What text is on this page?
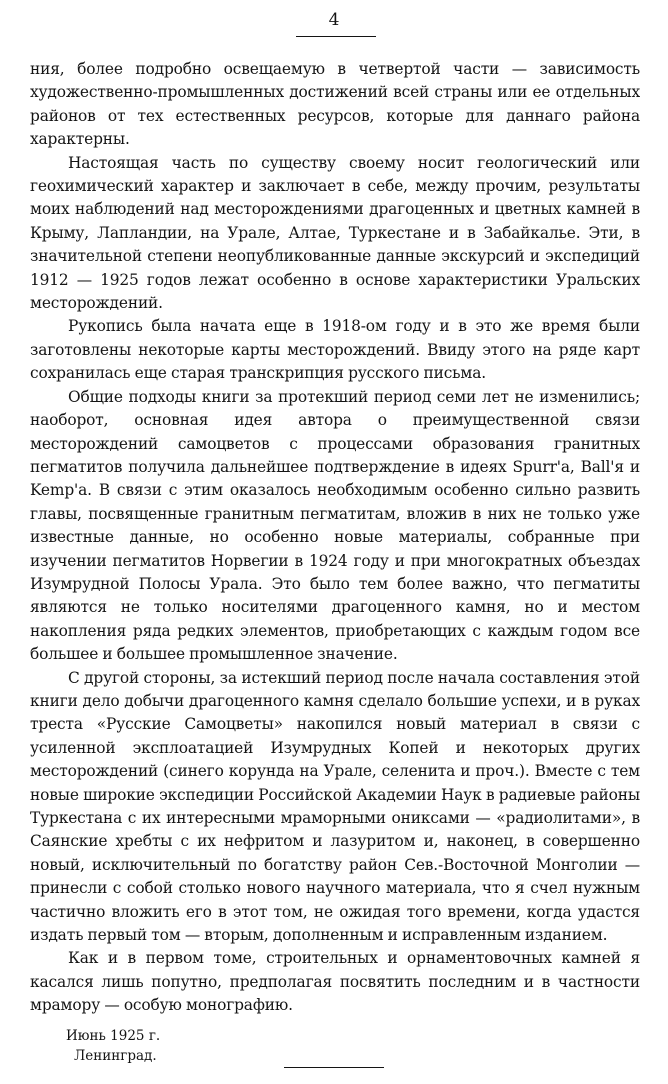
4

ния, более подробно освещаемую в четвертой части — зависимость художественно-промышленных достижений всей страны или ее отдельных районов от тех естественных ресурсов, которые для даннаго района характерны.

Настоящая часть по существу своему носит геологический или геохимический характер и заключает в себе, между прочим, результаты моих наблюдений над месторождениями драгоценных и цветных камней в Крыму, Лапландии, на Урале, Алтае, Туркестане и в Забайкалье. Эти, в значительной степени неопубликованные данные экскурсий и экспедиций 1912 — 1925 годов лежат особенно в основе характеристики Уральских месторождений.

Рукопись была начата еще в 1918-ом году и в это же время были заготовлены некоторые карты месторождений. Ввиду этого на ряде карт сохранилась еще старая транскрипция русского письма.

Общие подходы книги за протекший период семи лет не изменились; наоборот, основная идея автора о преимущественной связи месторождений самоцветов с процессами образования гранитных пегматитов получила дальнейшее подтверждение в идеях Spurr'а, Ball'я и Kemp'а. В связи с этим оказалось необходимым особенно сильно развить главы, посвященные гранитным пегматитам, вложив в них не только уже известные данные, но особенно новые материалы, собранные при изучении пегматитов Норвегии в 1924 году и при многократных объездах Изумрудной Полосы Урала. Это было тем более важно, что пегматиты являются не только носителями драгоценного камня, но и местом накопления ряда редких элементов, приобретающих с каждым годом все большее и большее промышленное значение.

С другой стороны, за истекший период после начала составления этой книги дело добычи драгоценного камня сделало большие успехи, и в руках треста «Русские Самоцветы» накопился новый материал в связи с усиленной эксплоатацией Изумрудных Копей и некоторых других месторождений (синего корунда на Урале, селенита и проч.). Вместе с тем новые широкие экспедиции Российской Академии Наук в радиевые районы Туркестана с их интересными мраморными ониксами — «радиолитами», в Саянские хребты с их нефритом и лазуритом и, наконец, в совершенно новый, исключительный по богатству район Сев.-Восточной Монголии — принесли с собой столько нового научного материала, что я счел нужным частично вложить его в этот том, не ожидая того времени, когда удастся издать первый том — вторым, дополненным и исправленным изданием.

Как и в первом томе, строительных и орнаментовочных камней я касался лишь попутно, предполагая посвятить последним и в частности мрамору — особую монографию.

Июнь 1925 г.
Ленинград.
